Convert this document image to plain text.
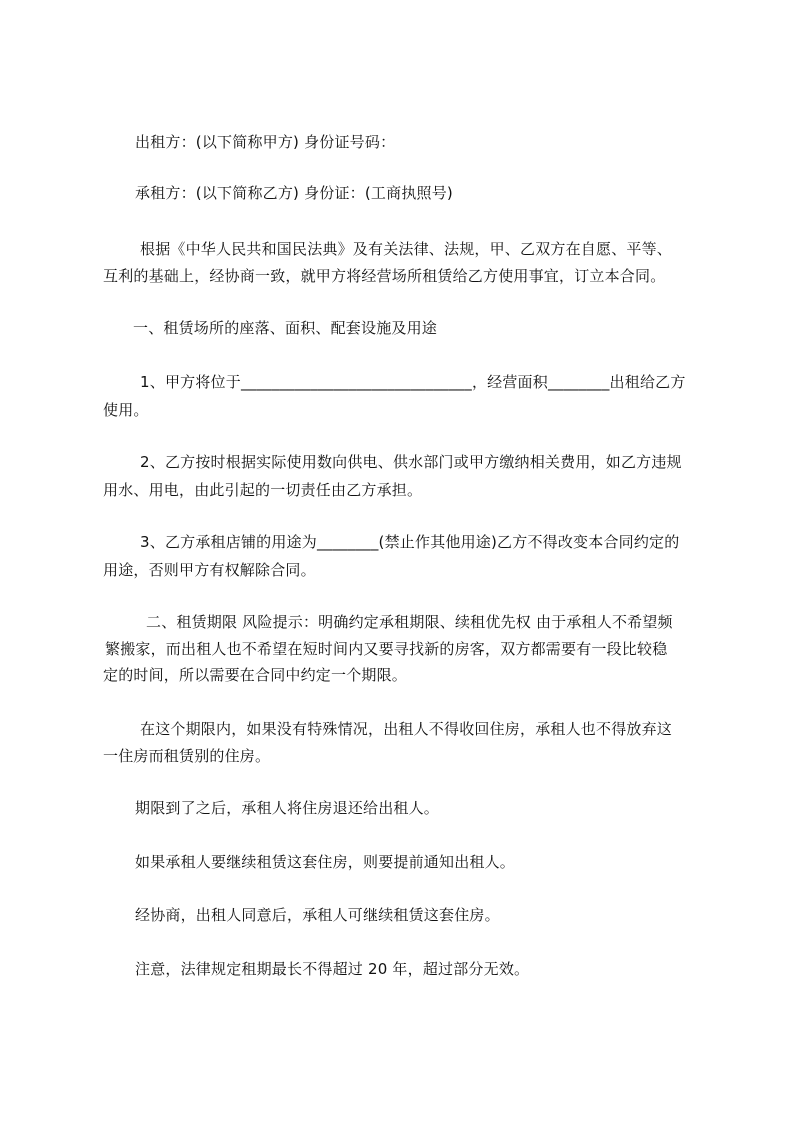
出租方：(以下简称甲方) 身份证号码：
承租方：(以下简称乙方) 身份证：(工商执照号)
根据《中华人民共和国民法典》及有关法律、法规，甲、乙双方在自愿、平等、
互利的基础上，经协商一致，就甲方将经营场所租赁给乙方使用事宜，订立本合同。
一、租赁场所的座落、面积、配套设施及用途
1、甲方将位于______________________________，经营面积________出租给乙方
使用。
2、乙方按时根据实际使用数向供电、供水部门或甲方缴纳相关费用，如乙方违规
用水、用电，由此引起的一切责任由乙方承担。
3、乙方承租店铺的用途为________(禁止作其他用途)乙方不得改变本合同约定的
用途，否则甲方有权解除合同。
二、租赁期限 风险提示：明确约定承租期限、续租优先权 由于承租人不希望频
繁搬家，而出租人也不希望在短时间内又要寻找新的房客，双方都需要有一段比较稳
定的时间，所以需要在合同中约定一个期限。
在这个期限内，如果没有特殊情况，出租人不得收回住房，承租人也不得放弃这
一住房而租赁别的住房。
期限到了之后，承租人将住房退还给出租人。
如果承租人要继续租赁这套住房，则要提前通知出租人。
经协商，出租人同意后，承租人可继续租赁这套住房。
注意，法律规定租期最长不得超过 20 年，超过部分无效。
